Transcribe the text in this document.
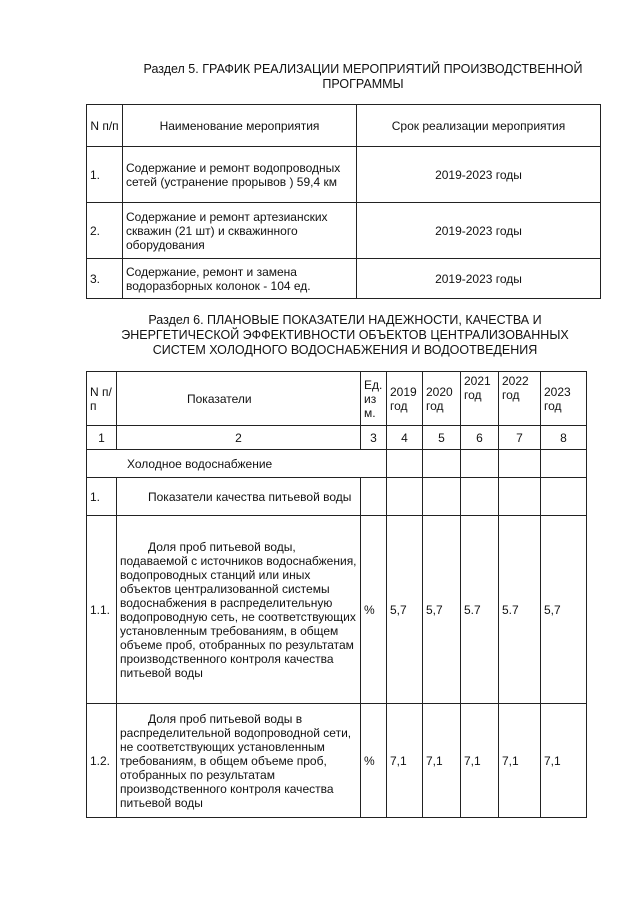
Раздел 5. ГРАФИК РЕАЛИЗАЦИИ МЕРОПРИЯТИЙ ПРОИЗВОДСТВЕННОЙ
ПРОГРАММЫ

N п/п	Наименование мероприятия	Срок реализации мероприятия
1.	Содержание и ремонт водопроводных сетей (устранение прорывов ) 59,4 км	2019-2023 годы
2.	Содержание и ремонт артезианских скважин (21 шт) и скважинного оборудования	2019-2023 годы
3.	Содержание, ремонт и замена водоразборных колонок - 104 ед.	2019-2023 годы

Раздел 6. ПЛАНОВЫЕ ПОКАЗАТЕЛИ НАДЕЖНОСТИ, КАЧЕСТВА И
ЭНЕРГЕТИЧЕСКОЙ ЭФФЕКТИВНОСТИ ОБЪЕКТОВ ЦЕНТРАЛИЗОВАННЫХ
СИСТЕМ ХОЛОДНОГО ВОДОСНАБЖЕНИЯ И ВОДООТВЕДЕНИЯ

N п/п	Показатели	Ед. из м.	2019 год	2020 год	2021 год	2022 год	2023 год
1	2	3	4	5	6	7	8
Холодное водоснабжение							
1.	Показатели качества питьевой воды						
1.1.	Доля проб питьевой воды, подаваемой с источников водоснабжения, водопроводных станций или иных объектов централизованной системы водоснабжения в распределительную водопроводную сеть, не соответствующих установленным требованиям, в общем объеме проб, отобранных по результатам производственного контроля качества питьевой воды	%	5,7	5,7	5.7	5.7	5,7
1.2.	Доля проб питьевой воды в распределительной водопроводной сети, не соответствующих установленным требованиям, в общем объеме проб, отобранных по результатам производственного контроля качества питьевой воды	%	7,1	7,1	7,1	7,1	7,1
